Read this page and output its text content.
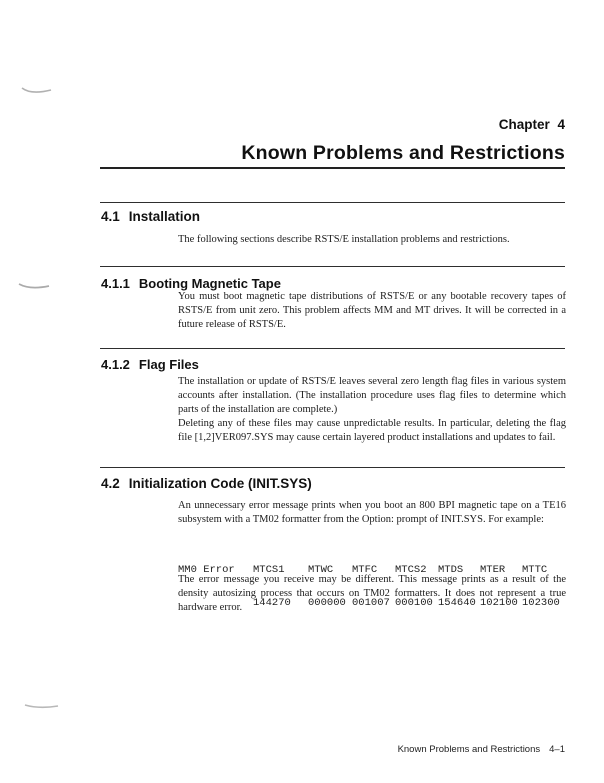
Chapter 4
Known Problems and Restrictions
4.1 Installation
The following sections describe RSTS/E installation problems and restrictions.
4.1.1 Booting Magnetic Tape
You must boot magnetic tape distributions of RSTS/E or any bootable recovery tapes of RSTS/E from unit zero. This problem affects MM and MT drives. It will be corrected in a future release of RSTS/E.
4.1.2 Flag Files
The installation or update of RSTS/E leaves several zero length flag files in various system accounts after installation. (The installation procedure uses flag files to determine which parts of the installation are complete.)
Deleting any of these files may cause unpredictable results. In particular, deleting the flag file [1,2]VER097.SYS may cause certain layered product installations and updates to fail.
4.2 Initialization Code (INIT.SYS)
An unnecessary error message prints when you boot an 800 BPI magnetic tape on a TE16 subsystem with a TM02 formatter from the Option: prompt of INIT.SYS. For example:

MM0 Error

MTCS1

144270

MTWC

000000

MTFC

001007

MTCS2

000100

MTDS

154640

MTER

102100

MTTC

102300

The error message you receive may be different. This message prints as a result of the density autosizing process that occurs on TM02 formatters. It does not represent a true hardware error.
Known Problems and Restrictions 4–1
